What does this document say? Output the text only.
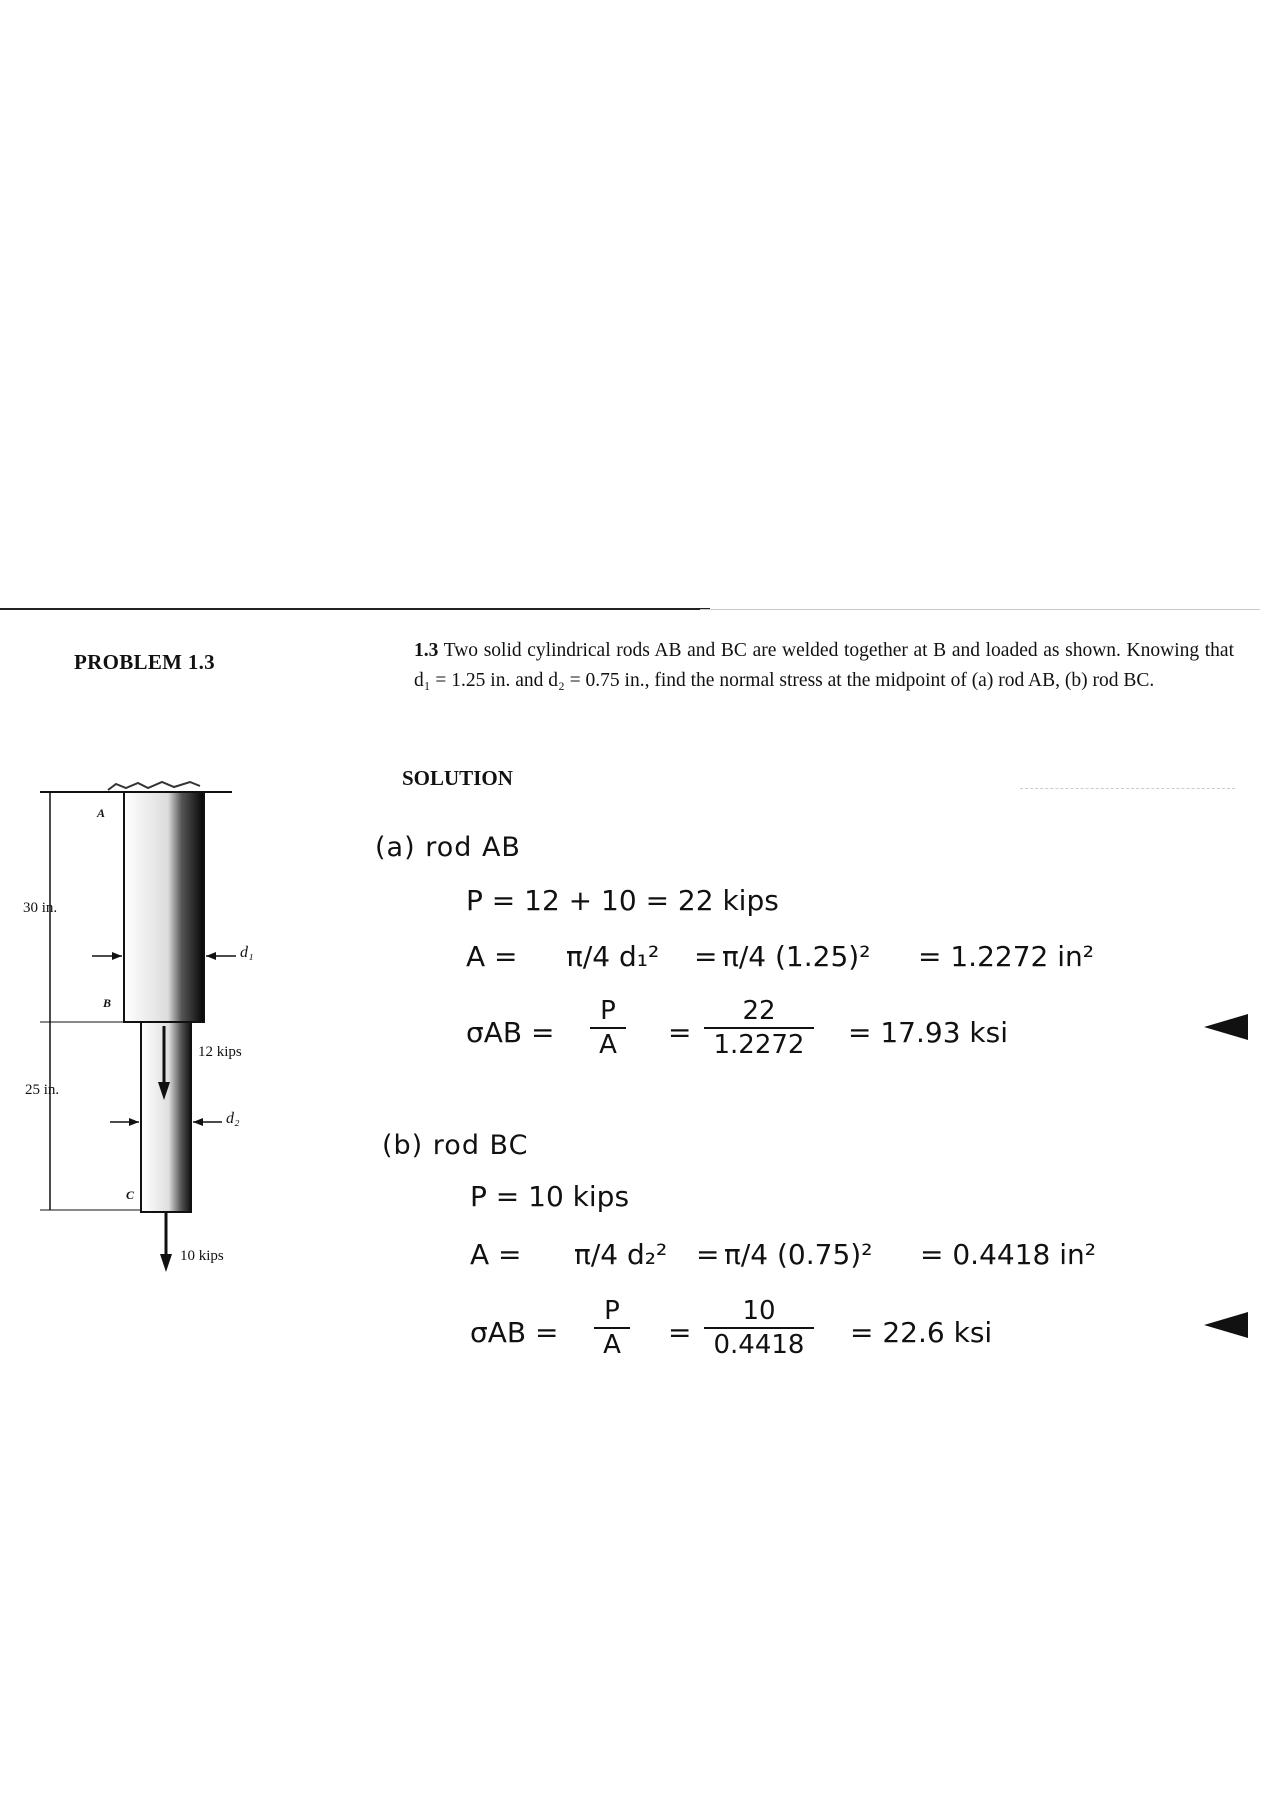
PROBLEM 1.3	1.3 Two solid cylindrical rods AB and BC are welded together at B and loaded as shown. Knowing that d₁ = 1.25 in. and d₂ = 0.75 in., find the normal stress at the midpoint of (a) rod AB, (b) rod BC.
SOLUTION
A
B
C
30 in.
25 in.
d₁
d₂
12 kips
10 kips
(a) rod AB
P = 12 + 10 = 22 kips
A = π/4 d₁² = π/4 (1.25)² = 1.2272 in²
σAB =
P
A	=
22
1.2272	= 17.93 ksi
(b) rod BC
P = 10 kips
A = π/4 d₂² = π/4 (0.75)² = 0.4418 in²
σAB =
P
A	=
10
0.4418	= 22.6 ksi
